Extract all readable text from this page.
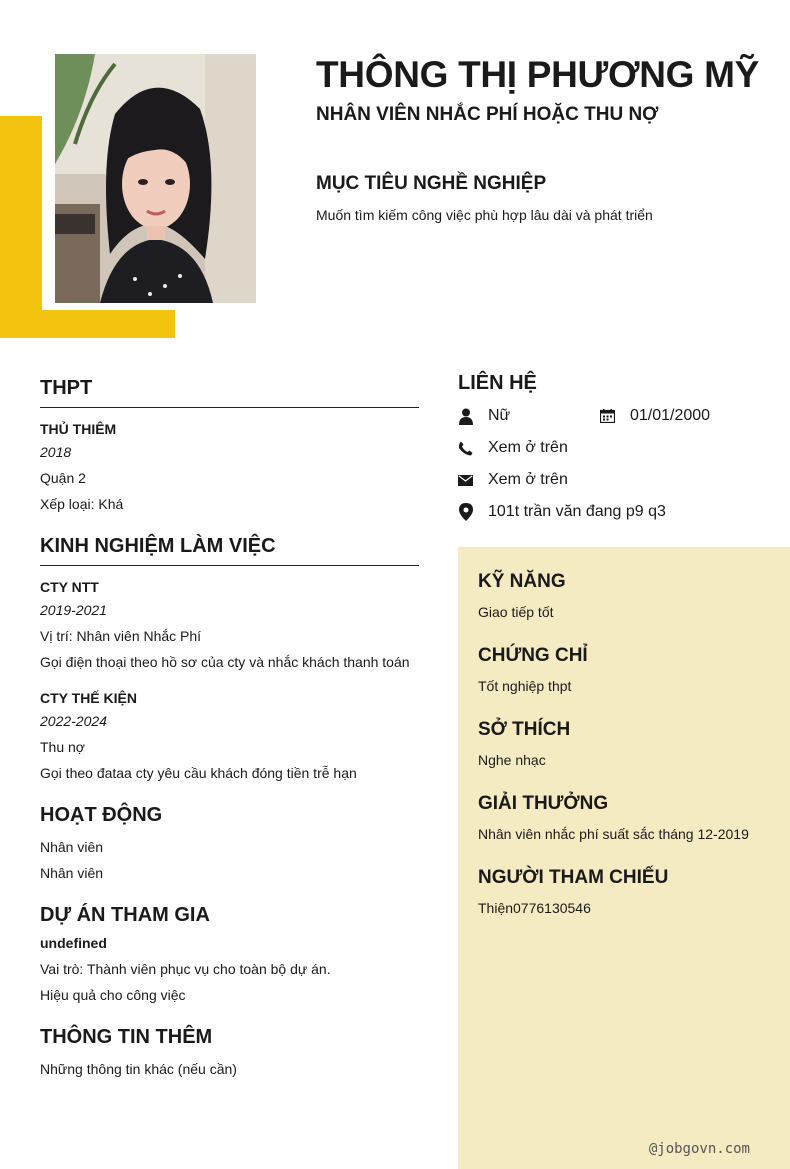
THÔNG THỊ PHƯƠNG MỸ
NHÂN VIÊN NHẮC PHÍ HOẶC THU NỢ
MỤC TIÊU NGHỀ NGHIỆP
Muốn tìm kiếm công việc phù hợp lâu dài và phát triển
THPT
THỦ THIÊM
2018
Quận 2
Xếp loại: Khá
KINH NGHIỆM LÀM VIỆC
CTY NTT
2019-2021
Vị trí: Nhân viên Nhắc Phí
Gọi điện thoại theo hồ sơ của cty và nhắc khách thanh toán
CTY THẾ KIỆN
2022-2024
Thu nợ
Gọi theo đataa cty yêu cầu khách đóng tiền trễ hạn
HOẠT ĐỘNG
Nhân viên
Nhân viên
DỰ ÁN THAM GIA
undefined
Vai trò: Thành viên phục vụ cho toàn bộ dự án.
Hiệu quả cho công việc
THÔNG TIN THÊM
Những thông tin khác (nếu cần)
LIÊN HỆ
Nữ	01/01/2000
Xem ở trên
Xem ở trên
101t trần văn đang p9 q3
KỸ NĂNG
Giao tiếp tốt
CHỨNG CHỈ
Tốt nghiệp thpt
SỞ THÍCH
Nghe nhạc
GIẢI THƯỞNG
Nhân viên nhắc phí suất sắc tháng 12-2019
NGƯỜI THAM CHIẾU
Thiện0776130546
@jobgovn.com
